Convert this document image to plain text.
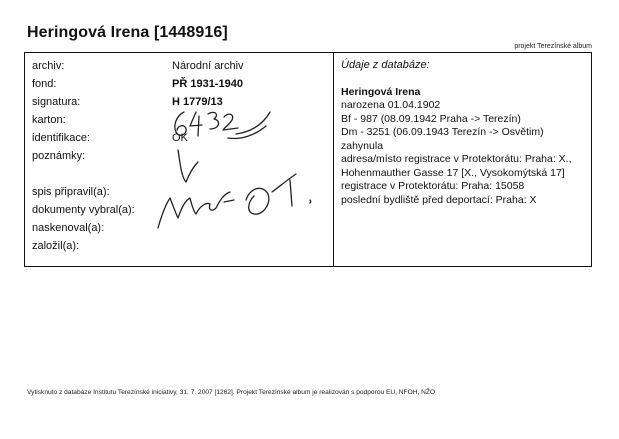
Heringová Irena [1448916]
projekt Terezínské album
archiv:	Národní archiv
fond:	PŘ 1931-1940
signatura:	H 1779/13
karton:
identifikace:	OK
poznámky:
spis připravil(a):
dokumenty vybral(a):
naskenoval(a):
založil(a):
Údaje z databáze:
Heringová Irena
narozena 01.04.1902
Bf - 987 (08.09.1942 Praha -> Terezín)
Dm - 3251 (06.09.1943 Terezín -> Osvětim)
zahynula
adresa/místo registrace v Protektorátu: Praha: X.,
Hohenmauther Gasse 17 [X., Vysokomýtská 17]
registrace v Protektorátu: Praha: 15058
poslední bydliště před deportací: Praha: X
Vytisknuto z databáze Institutu Terezínské iniciativy, 31. 7. 2007 [1262]. Projekt Terezínské album je realizován s podporou EU, NFOH, NŽO
